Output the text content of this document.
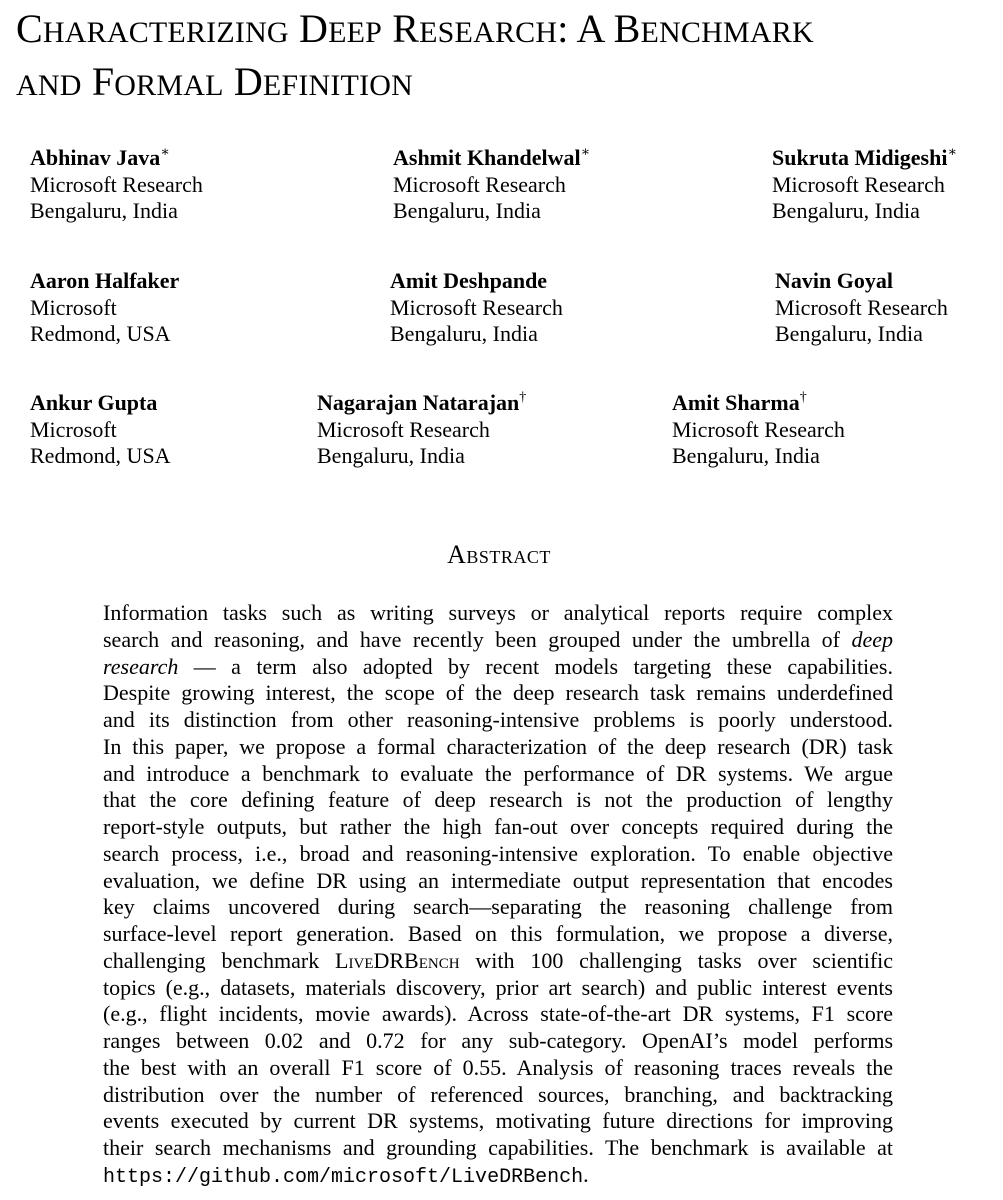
CHARACTERIZING DEEP RESEARCH: A BENCHMARK
AND FORMAL DEFINITION
Abhinav Java∗
Microsoft Research
Bengaluru, India
Ashmit Khandelwal∗
Microsoft Research
Bengaluru, India
Sukruta Midigeshi∗
Microsoft Research
Bengaluru, India
Aaron Halfaker
Microsoft
Redmond, USA
Amit Deshpande
Microsoft Research
Bengaluru, India
Navin Goyal
Microsoft Research
Bengaluru, India
Ankur Gupta
Microsoft
Redmond, USA
Nagarajan Natarajan†
Microsoft Research
Bengaluru, India
Amit Sharma†
Microsoft Research
Bengaluru, India
Abstract
Information tasks such as writing surveys or analytical reports require complex
search and reasoning, and have recently been grouped under the umbrella of deep
research — a term also adopted by recent models targeting these capabilities.
Despite growing interest, the scope of the deep research task remains underdefined
and its distinction from other reasoning-intensive problems is poorly understood.
In this paper, we propose a formal characterization of the deep research (DR) task
and introduce a benchmark to evaluate the performance of DR systems. We argue
that the core defining feature of deep research is not the production of lengthy
report-style outputs, but rather the high fan-out over concepts required during the
search process, i.e., broad and reasoning-intensive exploration. To enable objective
evaluation, we define DR using an intermediate output representation that encodes
key claims uncovered during search—separating the reasoning challenge from
surface-level report generation. Based on this formulation, we propose a diverse,
challenging benchmark LiveDRBench with 100 challenging tasks over scientific
topics (e.g., datasets, materials discovery, prior art search) and public interest events
(e.g., flight incidents, movie awards). Across state-of-the-art DR systems, F1 score
ranges between 0.02 and 0.72 for any sub-category. OpenAI’s model performs
the best with an overall F1 score of 0.55. Analysis of reasoning traces reveals the
distribution over the number of referenced sources, branching, and backtracking
events executed by current DR systems, motivating future directions for improving
their search mechanisms and grounding capabilities. The benchmark is available at
https://github.com/microsoft/LiveDRBench.
